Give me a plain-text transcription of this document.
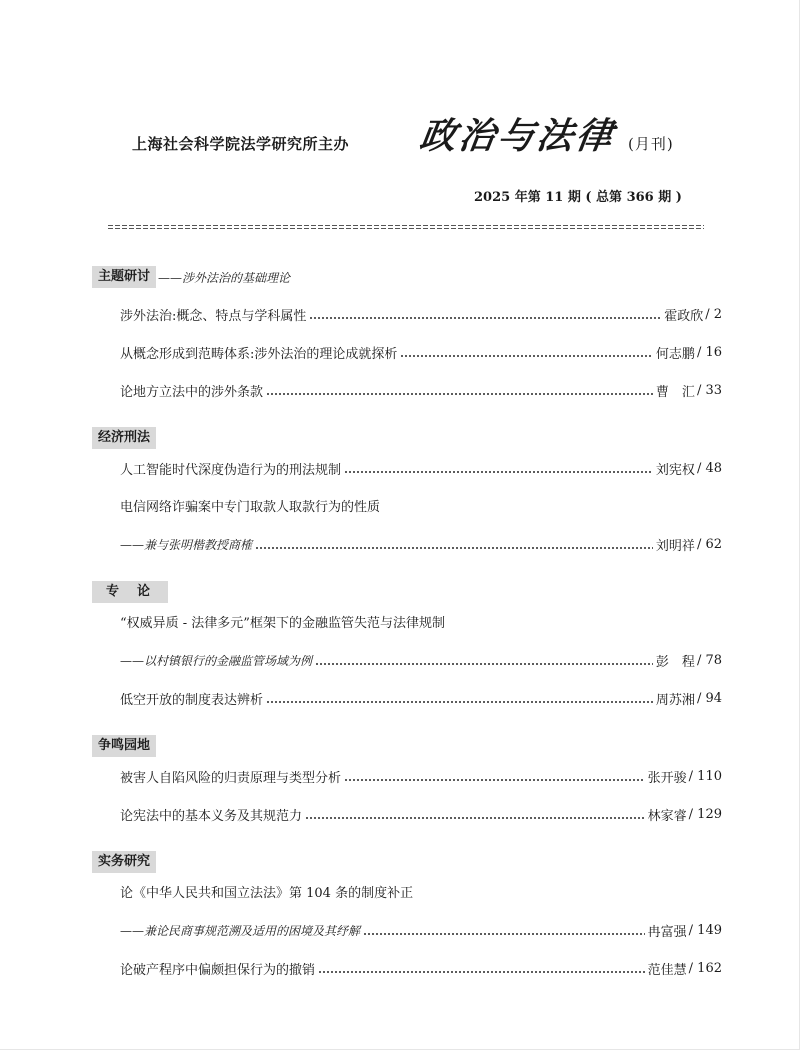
上海社会科学院法学研究所主办 政治与法律 (月刊)
2025 年第 11 期 ( 总第 366 期 )
主题研讨 ——涉外法治的基础理论
涉外法治:概念、特点与学科属性	霍政欣 / 2
从概念形成到范畴体系:涉外法治的理论成就探析	何志鹏 / 16
论地方立法中的涉外条款	曹　汇 / 33
经济刑法
人工智能时代深度伪造行为的刑法规制	刘宪权 / 48
电信网络诈骗案中专门取款人取款行为的性质
——兼与张明楷教授商榷	刘明祥 / 62
专论
“权威异质 - 法律多元”框架下的金融监管失范与法律规制
——以村镇银行的金融监管场域为例	彭　程 / 78
低空开放的制度表达辨析	周苏湘 / 94
争鸣园地
被害人自陷风险的归责原理与类型分析	张开骏 / 110
论宪法中的基本义务及其规范力	林家睿 / 129
实务研究
论《中华人民共和国立法法》第 104 条的制度补正
——兼论民商事规范溯及适用的困境及其纾解	冉富强 / 149
论破产程序中偏颇担保行为的撤销	范佳慧 / 162
